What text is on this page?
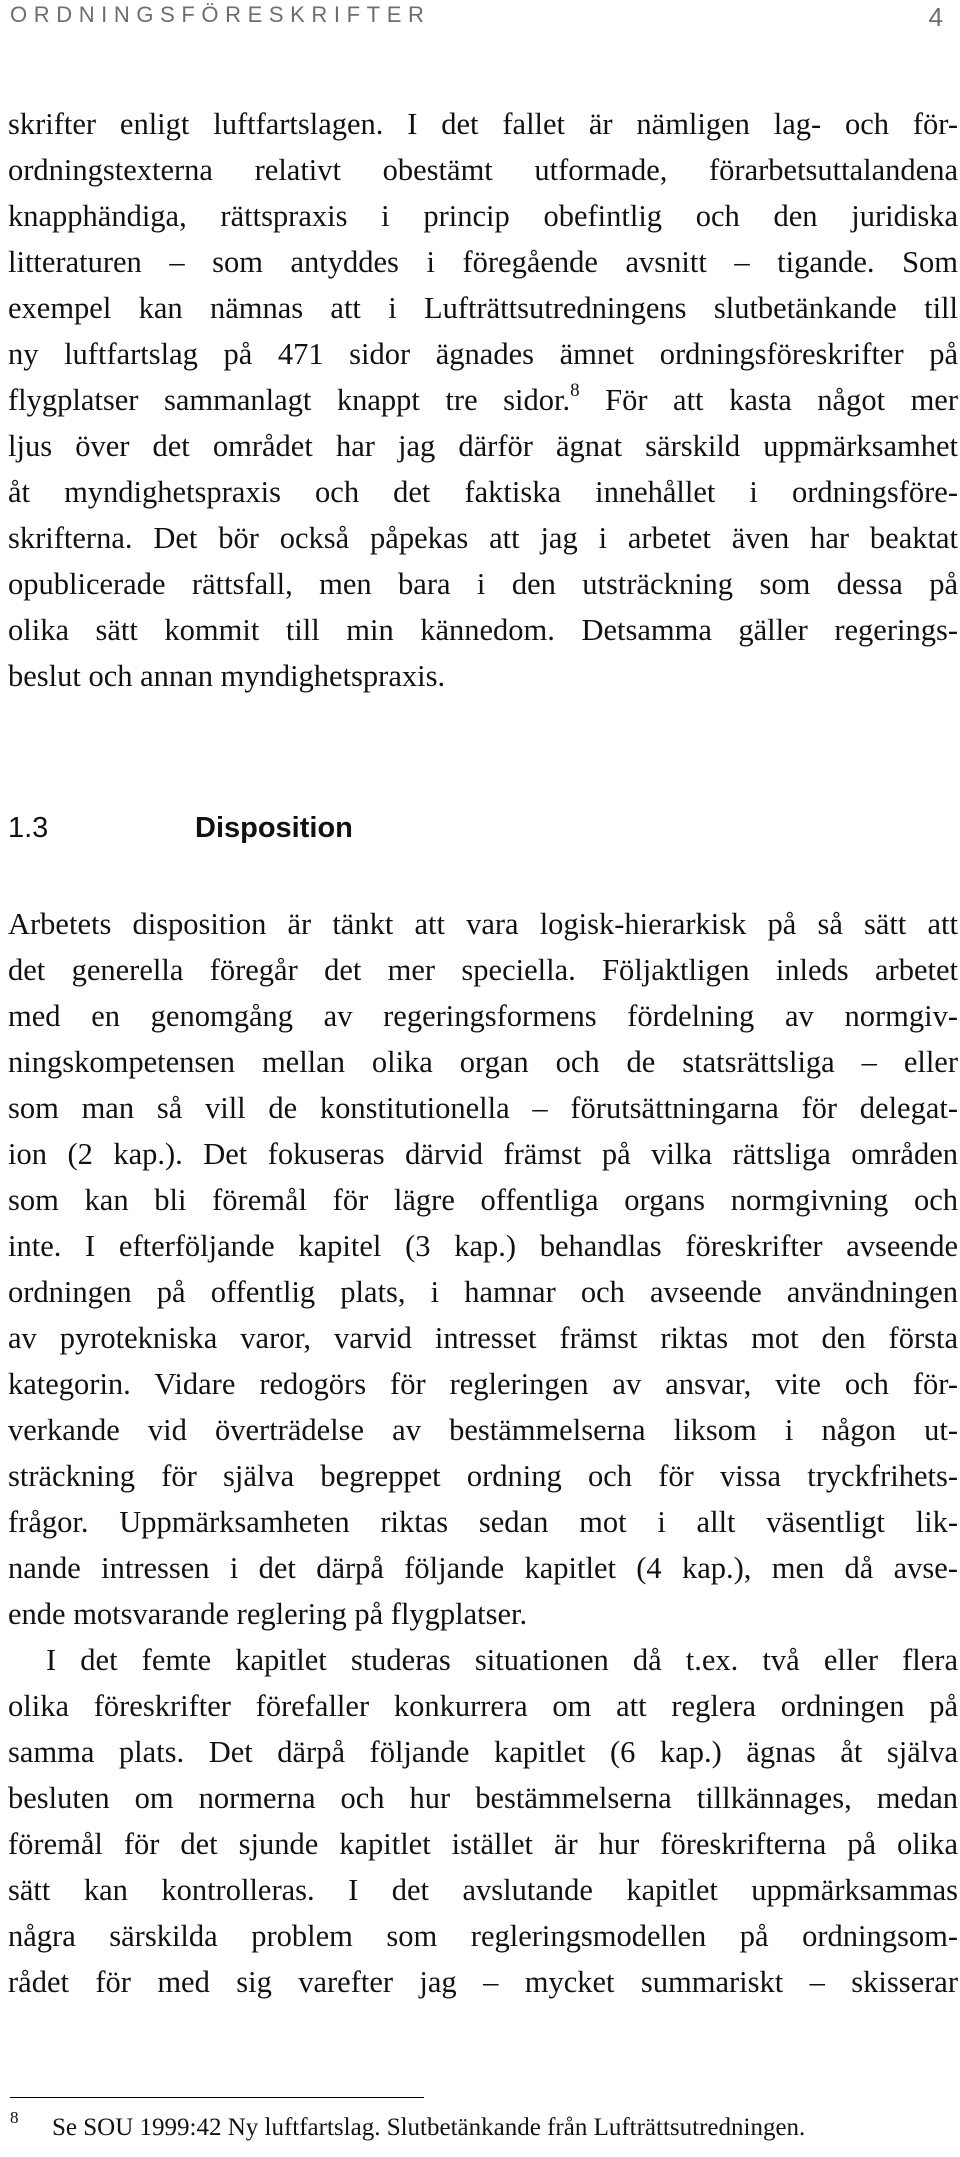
ORDNINGSFÖRESKRIFTER	4
skrifter enligt luftfartslagen. I det fallet är nämligen lag- och för-
ordningstexterna relativt obestämt utformade, förarbetsuttalandena
knapphändiga, rättspraxis i princip obefintlig och den juridiska
litteraturen – som antyddes i föregående avsnitt – tigande. Som
exempel kan nämnas att i Lufträttsutredningens slutbetänkande till
ny luftfartslag på 471 sidor ägnades ämnet ordningsföreskrifter på
flygplatser sammanlagt knappt tre sidor.$^8$ För att kasta något mer
ljus över det området har jag därför ägnat särskild uppmärksamhet
åt myndighetspraxis och det faktiska innehållet i ordningsföre-
skrifterna. Det bör också påpekas att jag i arbetet även har beaktat
opublicerade rättsfall, men bara i den utsträckning som dessa på
olika sätt kommit till min kännedom. Detsamma gäller regerings-
beslut och annan myndighetspraxis.
1.3	Disposition
Arbetets disposition är tänkt att vara logisk-hierarkisk på så sätt att
det generella föregår det mer speciella. Följaktligen inleds arbetet
med en genomgång av regeringsformens fördelning av normgiv-
ningskompetensen mellan olika organ och de statsrättsliga – eller
som man så vill de konstitutionella – förutsättningarna för delegat-
ion (2 kap.). Det fokuseras därvid främst på vilka rättsliga områden
som kan bli föremål för lägre offentliga organs normgivning och
inte. I efterföljande kapitel (3 kap.) behandlas föreskrifter avseende
ordningen på offentlig plats, i hamnar och avseende användningen
av pyrotekniska varor, varvid intresset främst riktas mot den första
kategorin. Vidare redogörs för regleringen av ansvar, vite och för-
verkande vid överträdelse av bestämmelserna liksom i någon ut-
sträckning för själva begreppet ordning och för vissa tryckfrihets-
frågor. Uppmärksamheten riktas sedan mot i allt väsentligt lik-
nande intressen i det därpå följande kapitlet (4 kap.), men då avse-
ende motsvarande reglering på flygplatser.
I det femte kapitlet studeras situationen då t.ex. två eller flera
olika föreskrifter förefaller konkurrera om att reglera ordningen på
samma plats. Det därpå följande kapitlet (6 kap.) ägnas åt själva
besluten om normerna och hur bestämmelserna tillkännages, medan
föremål för det sjunde kapitlet istället är hur föreskrifterna på olika
sätt kan kontrolleras. I det avslutande kapitlet uppmärksammas
några särskilda problem som regleringsmodellen på ordningsom-
rådet för med sig varefter jag – mycket summariskt – skisserar
8 Se SOU 1999:42 Ny luftfartslag. Slutbetänkande från Lufträttsutredningen.
